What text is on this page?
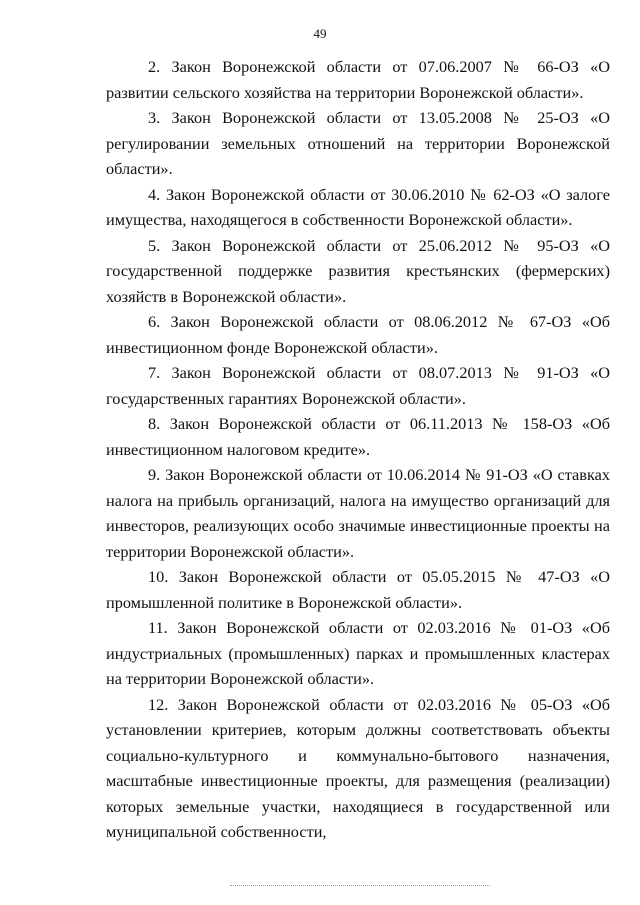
49

2. Закон Воронежской области от 07.06.2007 № 66-ОЗ «О развитии сельского хозяйства на территории Воронежской области».

3. Закон Воронежской области от 13.05.2008 № 25-ОЗ «О регулировании земельных отношений на территории Воронежской области».

4. Закон Воронежской области от 30.06.2010 № 62-ОЗ «О залоге имущества, находящегося в собственности Воронежской области».

5. Закон Воронежской области от 25.06.2012 № 95-ОЗ «О государственной поддержке развития крестьянских (фермерских) хозяйств в Воронежской области».

6. Закон Воронежской области от 08.06.2012 № 67-ОЗ «Об инвестиционном фонде Воронежской области».

7. Закон Воронежской области от 08.07.2013 № 91-ОЗ «О государственных гарантиях Воронежской области».

8. Закон Воронежской области от 06.11.2013 № 158-ОЗ «Об инвестиционном налоговом кредите».

9. Закон Воронежской области от 10.06.2014 № 91-ОЗ «О ставках налога на прибыль организаций, налога на имущество организаций для инвесторов, реализующих особо значимые инвестиционные проекты на территории Воронежской области».

10. Закон Воронежской области от 05.05.2015 № 47-ОЗ «О промышленной политике в Воронежской области».

11. Закон Воронежской области от 02.03.2016 № 01-ОЗ «Об индустриальных (промышленных) парках и промышленных кластерах на территории Воронежской области».

12. Закон Воронежской области от 02.03.2016 № 05-ОЗ «Об установлении критериев, которым должны соответствовать объекты социально-культурного и коммунально-бытового назначения, масштабные инвестиционные проекты, для размещения (реализации) которых земельные участки, находящиеся в государственной или муниципальной собственности,
